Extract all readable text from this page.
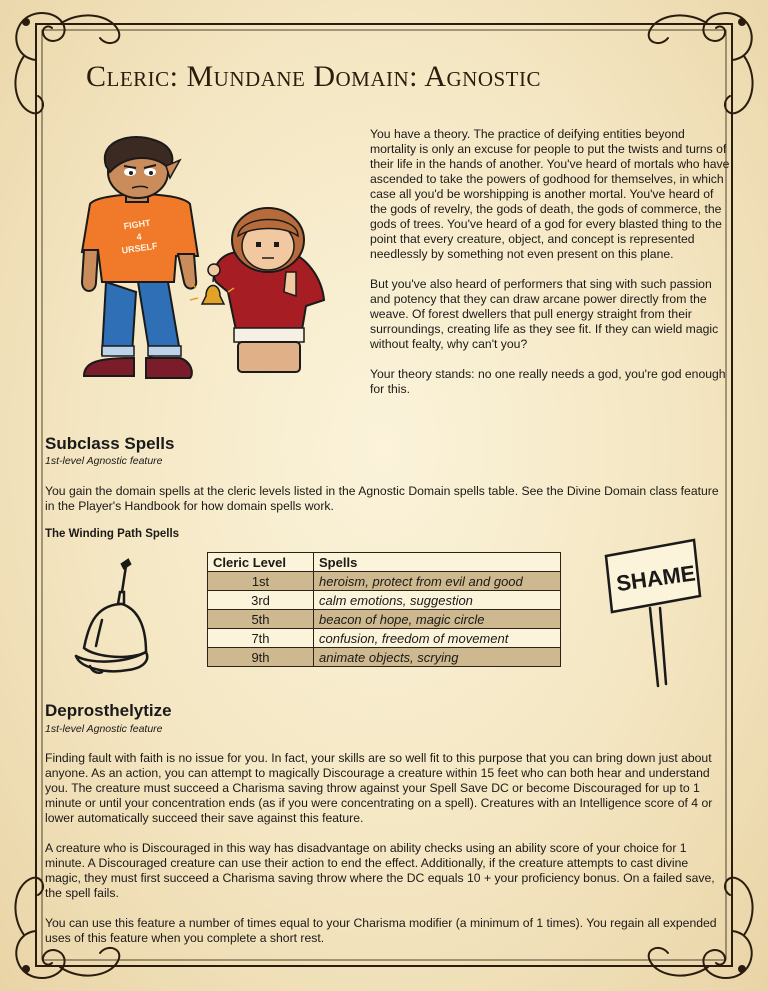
Cleric: Mundane Domain: Agnostic
FIGHT
4
URSELF

You have a theory. The practice of deifying entities beyond mortality is only an excuse for people to put the twists and turns of their life in the hands of another. You've heard of mortals who have ascended to take the powers of godhood for themselves, in which case all you'd be worshipping is another mortal. You've heard of the gods of revelry, the gods of death, the gods of commerce, the gods of trees. You've heard of a god for every blasted thing to the point that every creature, object, and concept is represented needlessly by something not even present on this plane.

But you've also heard of performers that sing with such passion and potency that they can draw arcane power directly from the weave. Of forest dwellers that pull energy straight from their surroundings, creating life as they see fit. If they can wield magic without fealty, why can't you?

Your theory stands: no one really needs a god, you're god enough for this.

Subclass Spells

1st-level Agnostic feature

You gain the domain spells at the cleric levels listed in the Agnostic Domain spells table. See the Divine Domain class feature in the Player's Handbook for how domain spells work.

The Winding Path Spells

Cleric Level	Spells
1st	heroism, protect from evil and good
3rd	calm emotions, suggestion
5th	beacon of hope, magic circle
7th	confusion, freedom of movement
9th	animate objects, scrying
SHAME
Deprosthelytize

1st-level Agnostic feature

Finding fault with faith is no issue for you. In fact, your skills are so well fit to this purpose that you can bring down just about anyone. As an action, you can attempt to magically Discourage a creature within 15 feet who can both hear and understand you. The creature must succeed a Charisma saving throw against your Spell Save DC or become Discouraged for up to 1 minute or until your concentration ends (as if you were concentrating on a spell). Creatures with an Intelligence score of 4 or lower automatically succeed their save against this feature.

A creature who is Discouraged in this way has disadvantage on ability checks using an ability score of your choice for 1 minute. A Discouraged creature can use their action to end the effect. Additionally, if the creature attempts to cast divine magic, they must first succeed a Charisma saving throw where the DC equals 10 + your proficiency bonus. On a failed save, the spell fails.

You can use this feature a number of times equal to your Charisma modifier (a minimum of 1 times). You regain all expended uses of this feature when you complete a short rest.
